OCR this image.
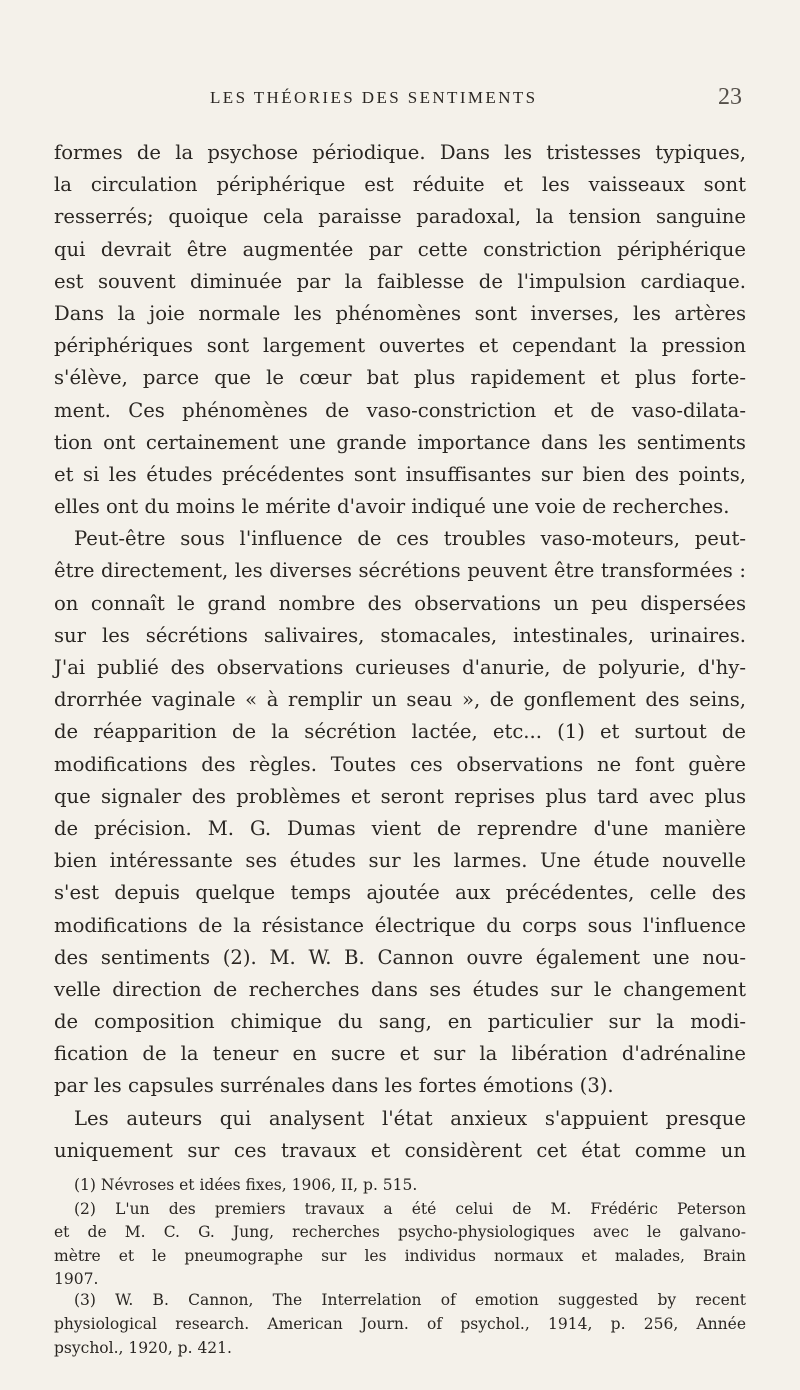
LES THÉORIES DES SENTIMENTS	23
formes de la psychose périodique. Dans les tristesses typiques,
la circulation périphérique est réduite et les vaisseaux sont
resserrés; quoique cela paraisse paradoxal, la tension sanguine
qui devrait être augmentée par cette constriction périphérique
est souvent diminuée par la faiblesse de l'impulsion cardiaque.
Dans la joie normale les phénomènes sont inverses, les artères
périphériques sont largement ouvertes et cependant la pression
s'élève, parce que le cœur bat plus rapidement et plus forte-
ment. Ces phénomènes de vaso-constriction et de vaso-dilata-
tion ont certainement une grande importance dans les sentiments
et si les études précédentes sont insuffisantes sur bien des points,
elles ont du moins le mérite d'avoir indiqué une voie de recherches.
Peut-être sous l'influence de ces troubles vaso-moteurs, peut-
être directement, les diverses sécrétions peuvent être transformées :
on connaît le grand nombre des observations un peu dispersées
sur les sécrétions salivaires, stomacales, intestinales, urinaires.
J'ai publié des observations curieuses d'anurie, de polyurie, d'hy-
drorrhée vaginale « à remplir un seau », de gonflement des seins,
de réapparition de la sécrétion lactée, etc... (1) et surtout de
modifications des règles. Toutes ces observations ne font guère
que signaler des problèmes et seront reprises plus tard avec plus
de précision. M. G. Dumas vient de reprendre d'une manière
bien intéressante ses études sur les larmes. Une étude nouvelle
s'est depuis quelque temps ajoutée aux précédentes, celle des
modifications de la résistance électrique du corps sous l'influence
des sentiments (2). M. W. B. Cannon ouvre également une nou-
velle direction de recherches dans ses études sur le changement
de composition chimique du sang, en particulier sur la modi-
fication de la teneur en sucre et sur la libération d'adrénaline
par les capsules surrénales dans les fortes émotions (3).
Les auteurs qui analysent l'état anxieux s'appuient presque
uniquement sur ces travaux et considèrent cet état comme un
(1) Névroses et idées fixes, 1906, II, p. 515.
(2) L'un des premiers travaux a été celui de M. Frédéric Peterson
et de M. C. G. Jung, recherches psycho-physiologiques avec le galvano-
mètre et le pneumographe sur les individus normaux et malades, Brain
1907.
(3) W. B. Cannon, The Interrelation of emotion suggested by recent
physiological research. American Journ. of psychol., 1914, p. 256, Année
psychol., 1920, p. 421.
